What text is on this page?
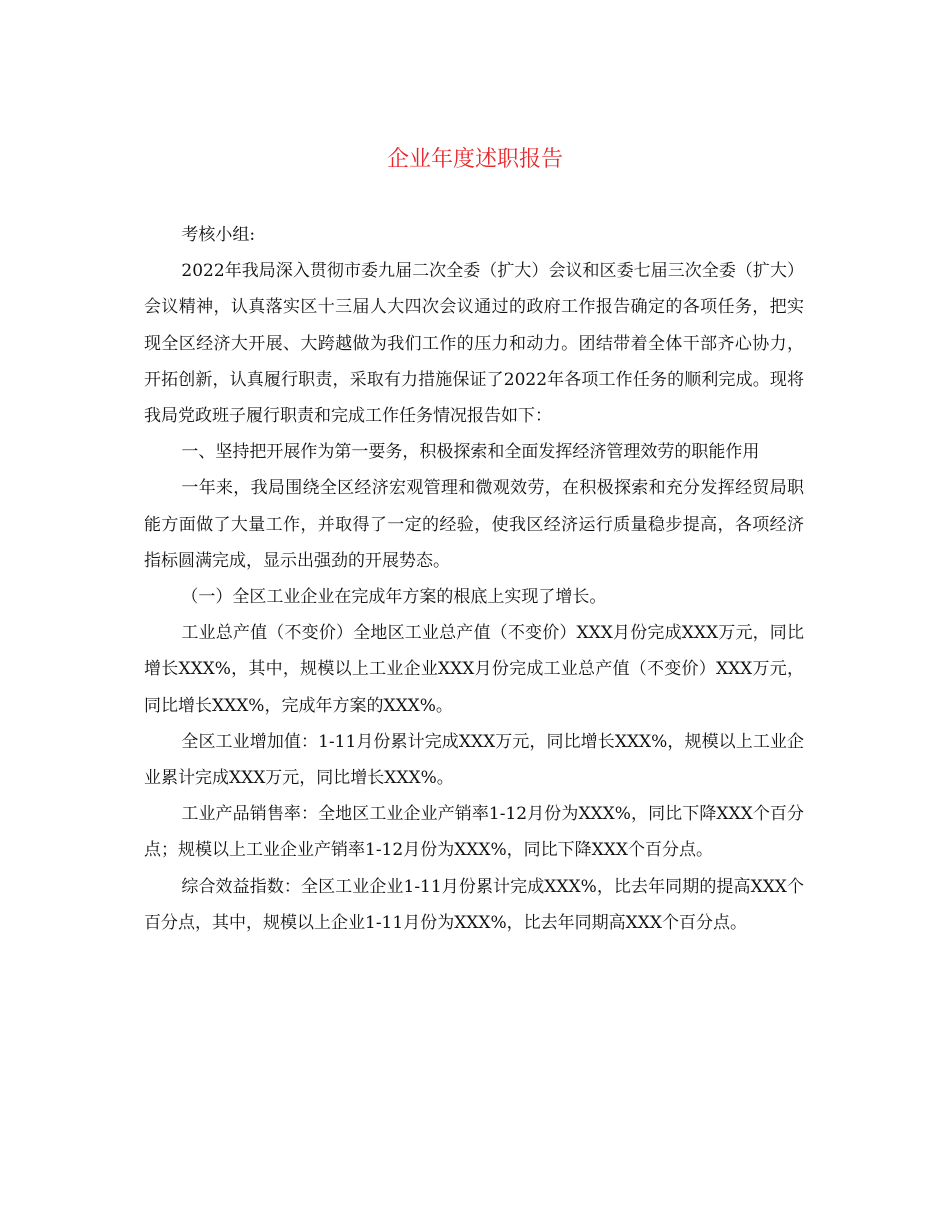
企业年度述职报告

考核小组:

2022年我局深入贯彻市委九届二次全委（扩大）会议和区委七届三次全委（扩大）会议精神，认真落实区十三届人大四次会议通过的政府工作报告确定的各项任务，把实现全区经济大开展、大跨越做为我们工作的压力和动力。团结带着全体干部齐心协力，开拓创新，认真履行职责，采取有力措施保证了2022年各项工作任务的顺利完成。现将我局党政班子履行职责和完成工作任务情况报告如下：

一、坚持把开展作为第一要务，积极探索和全面发挥经济管理效劳的职能作用

一年来，我局围绕全区经济宏观管理和微观效劳，在积极探索和充分发挥经贸局职能方面做了大量工作，并取得了一定的经验，使我区经济运行质量稳步提高，各项经济指标圆满完成，显示出强劲的开展势态。

（一）全区工业企业在完成年方案的根底上实现了增长。

工业总产值（不变价）全地区工业总产值（不变价）XXX月份完成XXX万元，同比增长XXX%，其中，规模以上工业企业XXX月份完成工业总产值（不变价）XXX万元，同比增长XXX%，完成年方案的XXX%。

全区工业增加值：1-11月份累计完成XXX万元，同比增长XXX%，规模以上工业企业累计完成XXX万元，同比增长XXX%。

工业产品销售率：全地区工业企业产销率1-12月份为XXX%，同比下降XXX个百分点；规模以上工业企业产销率1-12月份为XXX%，同比下降XXX个百分点。

综合效益指数：全区工业企业1-11月份累计完成XXX%，比去年同期的提高XXX个百分点，其中，规模以上企业1-11月份为XXX%，比去年同期高XXX个百分点。
